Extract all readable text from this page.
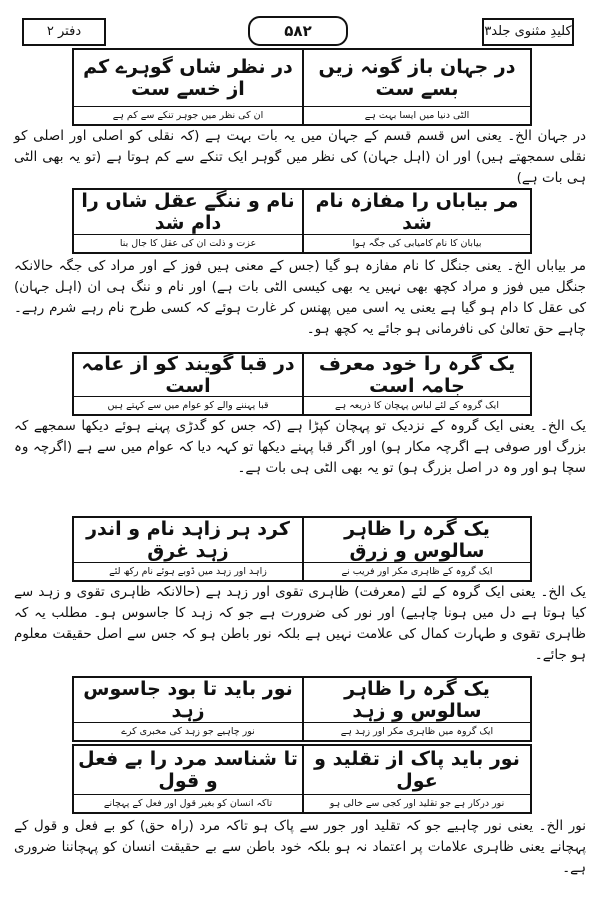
دفتر ۲	۵۸۲	کلیدِ مثنوی جلد۳
در جہان باز گونہ زیں بسے ست
در نظر شاں گوہرے کم از خسے ست
الٹی دنیا میں ایسا بہت ہے
ان کی نظر میں جوہر تنکے سے کم ہے
در جہان الخ۔ یعنی اس قسم قسم کے جہان میں یہ بات بہت ہے (کہ نقلی کو اصلی اور اصلی کو نقلی سمجھتے ہیں) اور ان (اہل جہان) کی نظر میں گوہر ایک تنکے سے کم ہوتا ہے (تو یہ بھی الٹی ہی بات ہے)
مر بیاباں را مفازہ نام شد
نام و ننگے عقل شاں را دام شد
بیابان کا نام کامیابی کی جگہ ہوا
عزت و ذلت ان کی عقل کا جال بنا
مر بیاباں الخ۔ یعنی جنگل کا نام مفازہ ہو گیا (جس کے معنی ہیں فوز کے اور مراد کی جگہ حالانکہ جنگل میں فوز و مراد کچھ بھی نہیں یہ بھی کیسی الٹی بات ہے) اور نام و ننگ ہی ان (اہل جہان) کی عقل کا دام ہو گیا ہے یعنی یہ اسی میں پھنس کر غارت ہوئے کہ کسی طرح نام رہے شرم رہے۔ چاہے حق تعالیٰ کی نافرمانی ہو جائے یہ کچھ ہو۔
یک گرہ را خود معرف جامہ است
در قبا گویند کو از عامہ است
ایک گروہ کے لئے لباس پہچان کا ذریعہ ہے
قبا پہننے والے کو عوام میں سے کہتے ہیں
یک الخ۔ یعنی ایک گروہ کے نزدیک تو پہچان کپڑا ہے (کہ جس کو گدڑی پہنے ہوئے دیکھا سمجھے کہ بزرگ اور صوفی ہے اگرچہ مکار ہو) اور اگر قبا پہنے دیکھا تو کہہ دیا کہ عوام میں سے ہے (اگرچہ وہ سچا ہو اور وہ در اصل بزرگ ہو) تو یہ بھی الٹی ہی بات ہے۔
یک گرہ را ظاہر سالوس و زرق
کرد ہر زاہد نام و اندر زہد غرق
ایک گروہ کے ظاہری مکر اور فریب نے
زاہد اور زہد میں ڈوبے ہوئے نام رکھ لئے
یک الخ۔ یعنی ایک گروہ کے لئے (معرفت) ظاہری تقوی اور زہد ہے (حالانکہ ظاہری تقوی و زہد سے کیا ہوتا ہے دل میں ہونا چاہیے) اور نور کی ضرورت ہے جو کہ زہد کا جاسوس ہو۔ مطلب یہ کہ ظاہری تقوی و طہارت کمال کی علامت نہیں ہے بلکہ نور باطن ہو کہ جس سے اصل حقیقت معلوم ہو جائے۔
یک گرہ را ظاہر سالوس و زہد
نور باید تا بود جاسوس زہد
ایک گروہ میں ظاہری مکر اور زہد ہے
نور چاہیے جو زہد کی مخبری کرے
نور باید پاک از تقلید و عول
تا شناسد مرد را بے فعل و قول
نور درکار ہے جو تقلید اور کجی سے خالی ہو
تاکہ انسان کو بغیر قول اور فعل کے پہچانے
نور الخ۔ یعنی نور چاہیے جو کہ تقلید اور جور سے پاک ہو تاکہ مرد (راہ حق) کو بے فعل و قول کے پہچانے یعنی ظاہری علامات پر اعتماد نہ ہو بلکہ خود باطن سے بے حقیقت انسان کو پہچاننا ضروری ہے۔
